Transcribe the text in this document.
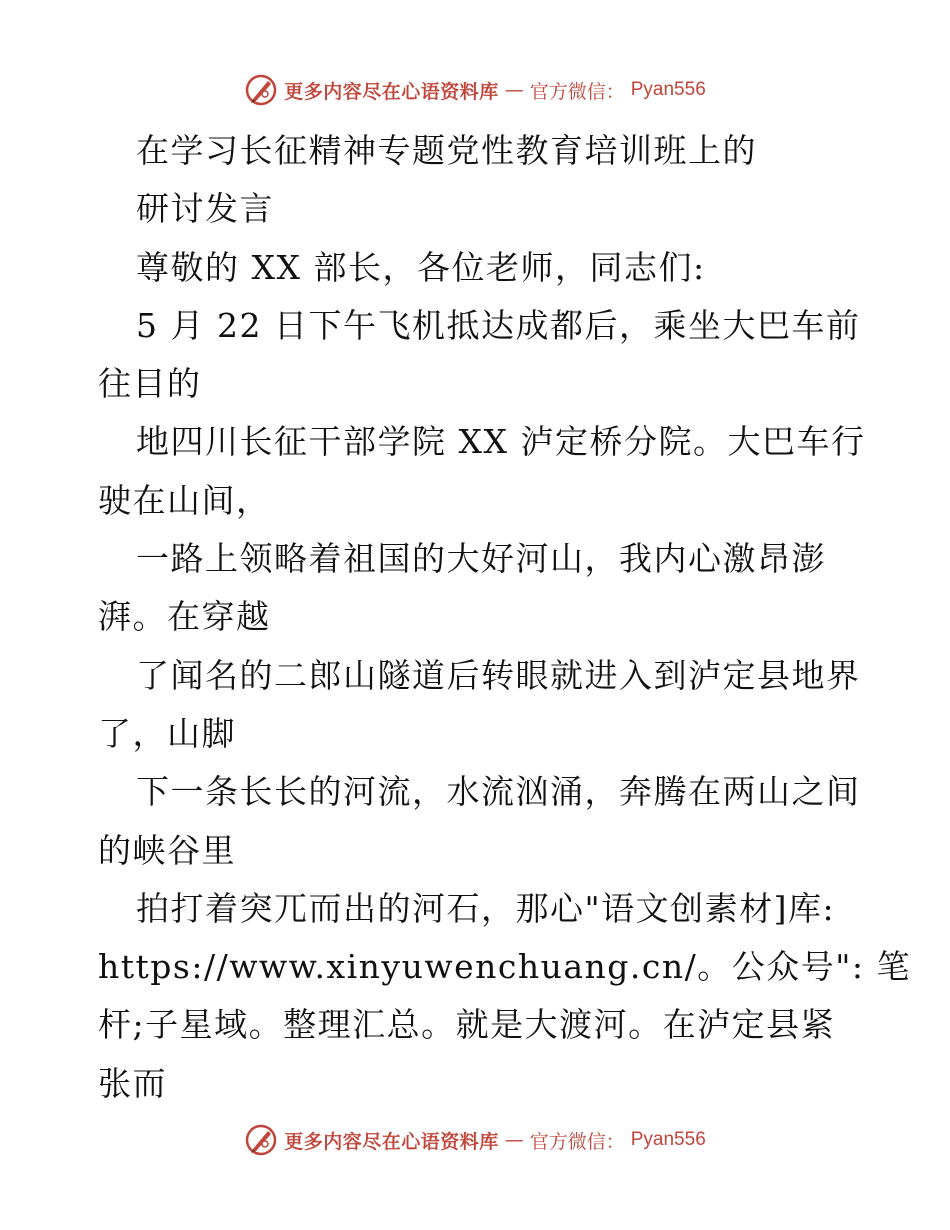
更多内容尽在心语资料库 — 官方微信： Pyan556
在学习长征精神专题党性教育培训班上的
研讨发言
尊敬的 XX 部长，各位老师，同志们:
5 月 22 日下午飞机抵达成都后，乘坐大巴车前
往目的
地四川长征干部学院 XX 泸定桥分院。大巴车行
驶在山间，
一路上领略着祖国的大好河山，我内心激昂澎
湃。在穿越
了闻名的二郎山隧道后转眼就进入到泸定县地界
了，山脚
下一条长长的河流，水流汹涌，奔腾在两山之间
的峡谷里
拍打着突兀而出的河石，那心"语文创素材]库:
https://www.xinyuwenchuang.cn/。公众号": 笔
杆;子星域。整理汇总。就是大渡河。在泸定县紧
张而
更多内容尽在心语资料库 — 官方微信： Pyan556
